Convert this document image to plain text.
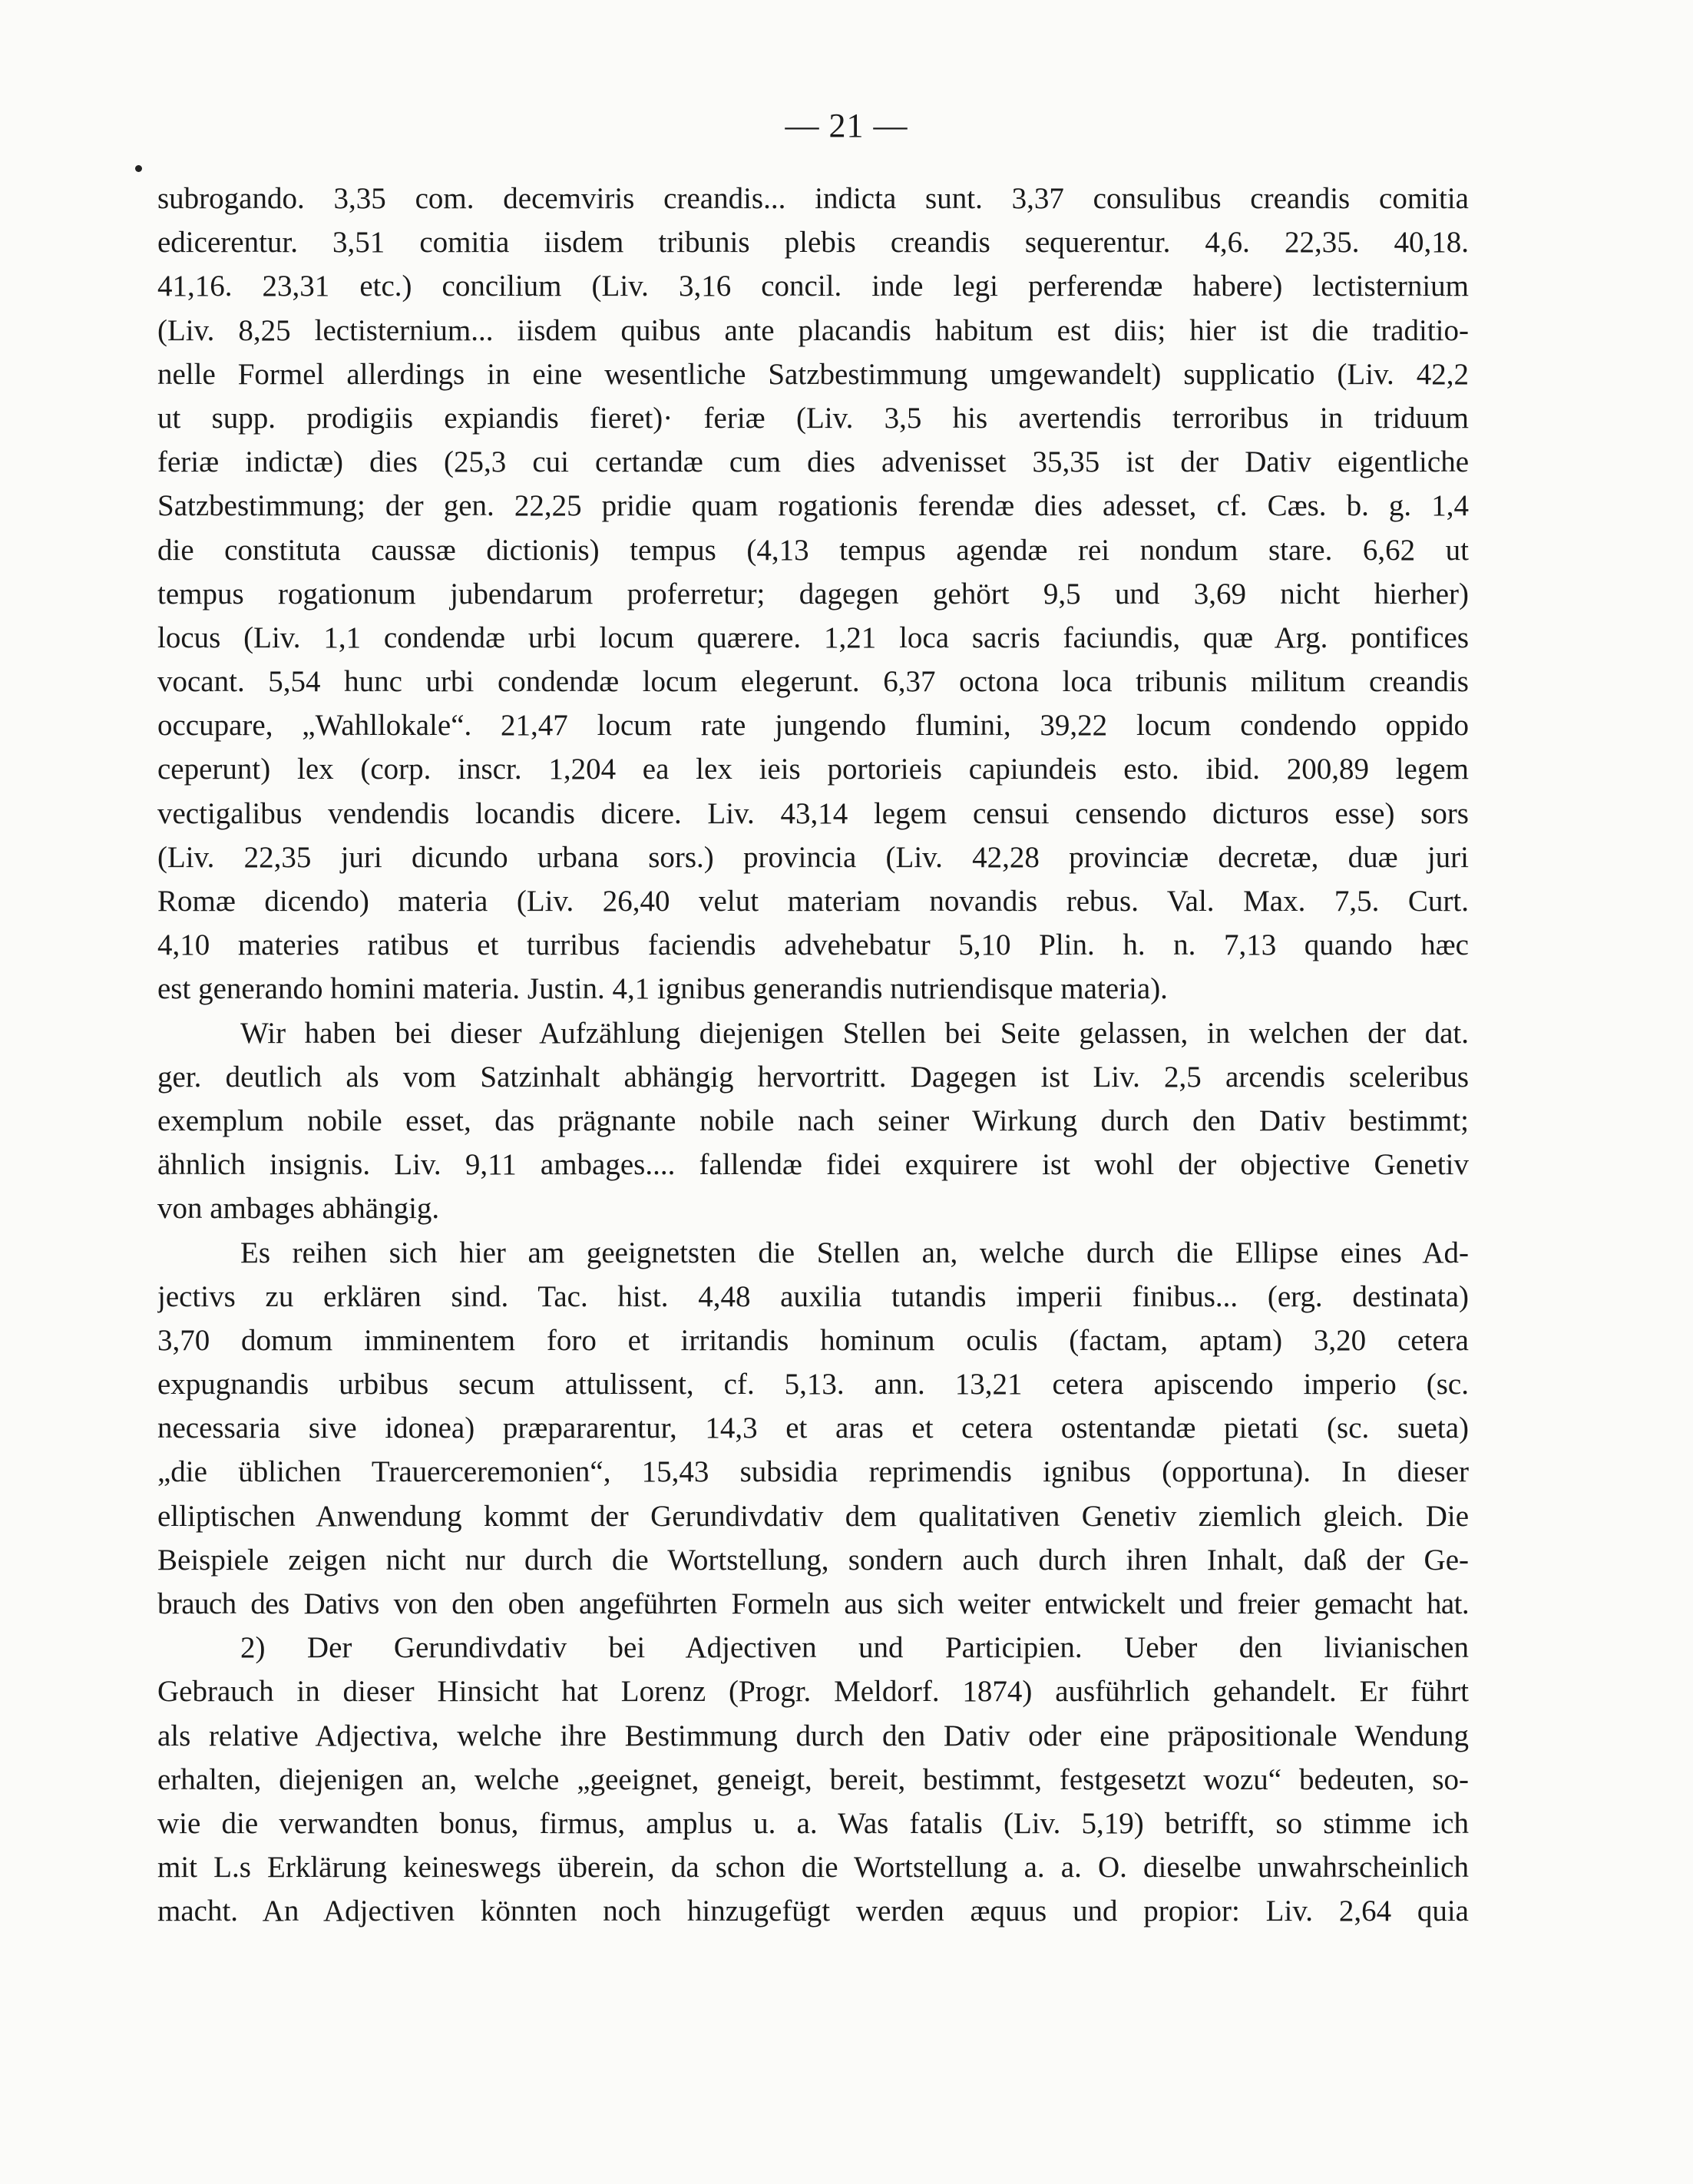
— 21 —
subrogando. 3,35 com. decemviris creandis... indicta sunt. 3,37 consulibus creandis comitia
edicerentur. 3,51 comitia iisdem tribunis plebis creandis sequerentur. 4,6. 22,35. 40,18.
41,16. 23,31 etc.) concilium (Liv. 3,16 concil. inde legi perferendæ habere) lectisternium
(Liv. 8,25 lectisternium... iisdem quibus ante placandis habitum est diis; hier ist die traditio-
nelle Formel allerdings in eine wesentliche Satzbestimmung umgewandelt) supplicatio (Liv. 42,2
ut supp. prodigiis expiandis fieret)· feriæ (Liv. 3,5 his avertendis terroribus in triduum
feriæ indictæ) dies (25,3 cui certandæ cum dies advenisset 35,35 ist der Dativ eigentliche
Satzbestimmung; der gen. 22,25 pridie quam rogationis ferendæ dies adesset, cf. Cæs. b. g. 1,4
die constituta caussæ dictionis) tempus (4,13 tempus agendæ rei nondum stare. 6,62 ut
tempus rogationum jubendarum proferretur; dagegen gehört 9,5 und 3,69 nicht hierher)
locus (Liv. 1,1 condendæ urbi locum quærere. 1,21 loca sacris faciundis, quæ Arg. pontifices
vocant. 5,54 hunc urbi condendæ locum elegerunt. 6,37 octona loca tribunis militum creandis
occupare, „Wahllokale“. 21,47 locum rate jungendo flumini, 39,22 locum condendo oppido
ceperunt) lex (corp. inscr. 1,204 ea lex ieis portorieis capiundeis esto. ibid. 200,89 legem
vectigalibus vendendis locandis dicere. Liv. 43,14 legem censui censendo dicturos esse) sors
(Liv. 22,35 juri dicundo urbana sors.) provincia (Liv. 42,28 provinciæ decretæ, duæ juri
Romæ dicendo) materia (Liv. 26,40 velut materiam novandis rebus. Val. Max. 7,5. Curt.
4,10 materies ratibus et turribus faciendis advehebatur 5,10 Plin. h. n. 7,13 quando hæc
est generando homini materia. Justin. 4,1 ignibus generandis nutriendisque materia).
Wir haben bei dieser Aufzählung diejenigen Stellen bei Seite gelassen, in welchen der dat.
ger. deutlich als vom Satzinhalt abhängig hervortritt. Dagegen ist Liv. 2,5 arcendis sceleribus
exemplum nobile esset, das prägnante nobile nach seiner Wirkung durch den Dativ bestimmt;
ähnlich insignis. Liv. 9,11 ambages.... fallendæ fidei exquirere ist wohl der objective Genetiv
von ambages abhängig.
Es reihen sich hier am geeignetsten die Stellen an, welche durch die Ellipse eines Ad-
jectivs zu erklären sind. Tac. hist. 4,48 auxilia tutandis imperii finibus... (erg. destinata)
3,70 domum imminentem foro et irritandis hominum oculis (factam, aptam) 3,20 cetera
expugnandis urbibus secum attulissent, cf. 5,13. ann. 13,21 cetera apiscendo imperio (sc.
necessaria sive idonea) præpararentur, 14,3 et aras et cetera ostentandæ pietati (sc. sueta)
„die üblichen Trauerceremonien“, 15,43 subsidia reprimendis ignibus (opportuna). In dieser
elliptischen Anwendung kommt der Gerundivdativ dem qualitativen Genetiv ziemlich gleich. Die
Beispiele zeigen nicht nur durch die Wortstellung, sondern auch durch ihren Inhalt, daß der Ge-
brauch des Dativs von den oben angeführten Formeln aus sich weiter entwickelt und freier gemacht hat.
2) Der Gerundivdativ bei Adjectiven und Participien. Ueber den livianischen
Gebrauch in dieser Hinsicht hat Lorenz (Progr. Meldorf. 1874) ausführlich gehandelt. Er führt
als relative Adjectiva, welche ihre Bestimmung durch den Dativ oder eine präpositionale Wendung
erhalten, diejenigen an, welche „geeignet, geneigt, bereit, bestimmt, festgesetzt wozu“ bedeuten, so-
wie die verwandten bonus, firmus, amplus u. a. Was fatalis (Liv. 5,19) betrifft, so stimme ich
mit L.s Erklärung keineswegs überein, da schon die Wortstellung a. a. O. dieselbe unwahrscheinlich
macht. An Adjectiven könnten noch hinzugefügt werden æquus und propior: Liv. 2,64 quia
